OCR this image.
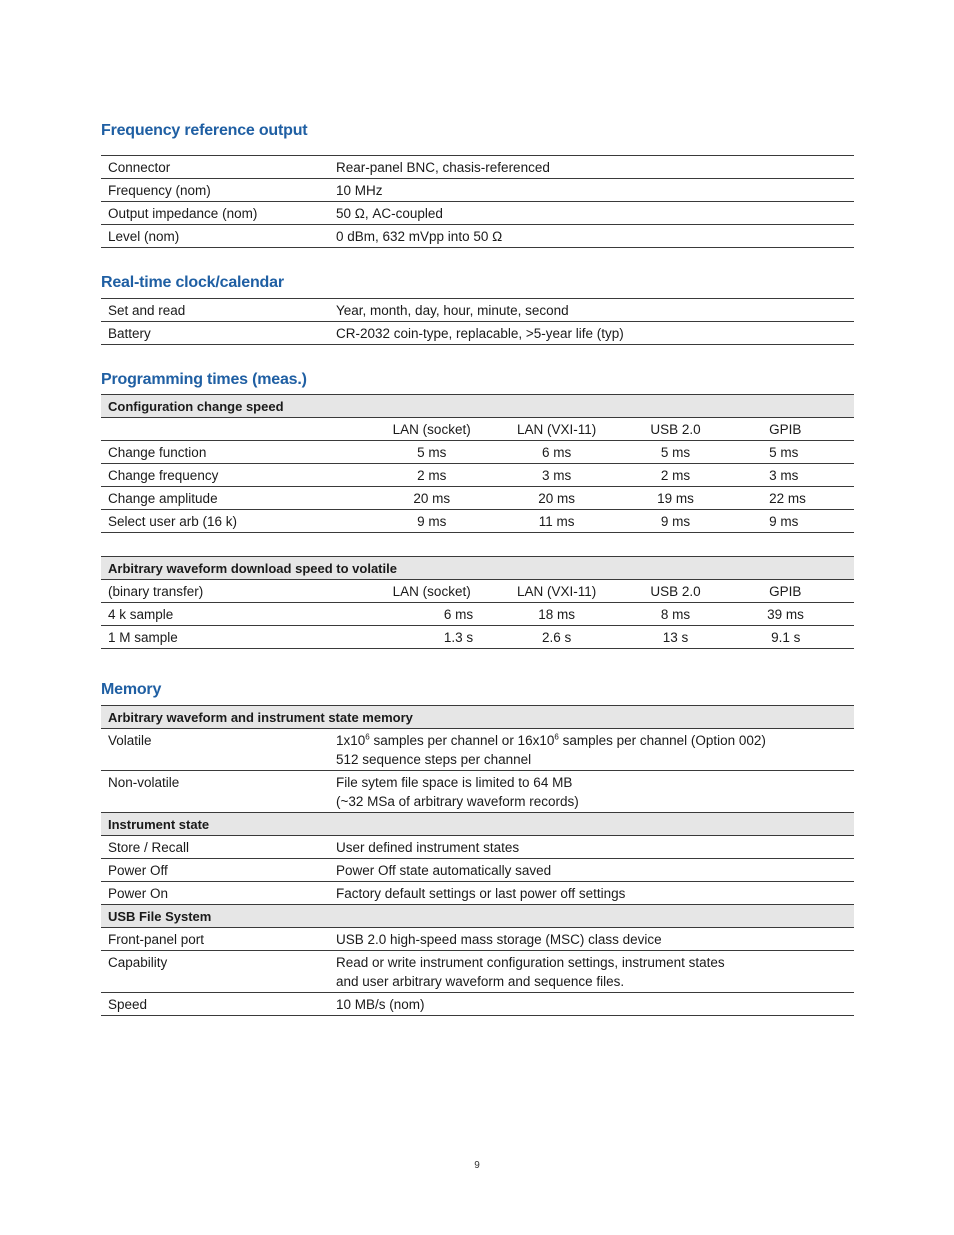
Frequency reference output
Connector	Rear-panel BNC, chasis-referenced
Frequency (nom)	10 MHz
Output impedance (nom)	50 Ω, AC-coupled
Level (nom)	0 dBm, 632 mVpp into 50 Ω
Real-time clock/calendar
Set and read	Year, month, day, hour, minute, second
Battery	CR-2032 coin-type, replacable, >5-year life (typ)
Programming times (meas.)
Configuration change speed				
	LAN (socket)	LAN (VXI-11)	USB 2.0	GPIB
Change function	5 ms	6 ms	5 ms	5 ms
Change frequency	2 ms	3 ms	2 ms	3 ms
Change amplitude	20 ms	20 ms	19 ms	22 ms
Select user arb (16 k)	9 ms	11 ms	9 ms	9 ms
Arbitrary waveform download speed to volatile				
(binary transfer)	LAN (socket)	LAN (VXI-11)	USB 2.0	GPIB
4 k sample	6 ms	18 ms	8 ms	39 ms
1 M sample	1.3 s	2.6 s	13 s	9.1 s
Memory
Arbitrary waveform and instrument state memory	
Volatile	$1x10^6$ samples per channel or $16x10^6$ samples per channel (Option 002)
512 sequence steps per channel
Non-volatile	File sytem file space is limited to 64 MB
(~32 MSa of arbitrary waveform records)
Instrument state	
Store / Recall	User defined instrument states
Power Off	Power Off state automatically saved
Power On	Factory default settings or last power off settings
USB File System	
Front-panel port	USB 2.0 high-speed mass storage (MSC) class device
Capability	Read or write instrument configuration settings, instrument states
and user arbitrary waveform and sequence files.
Speed	10 MB/s (nom)
9
